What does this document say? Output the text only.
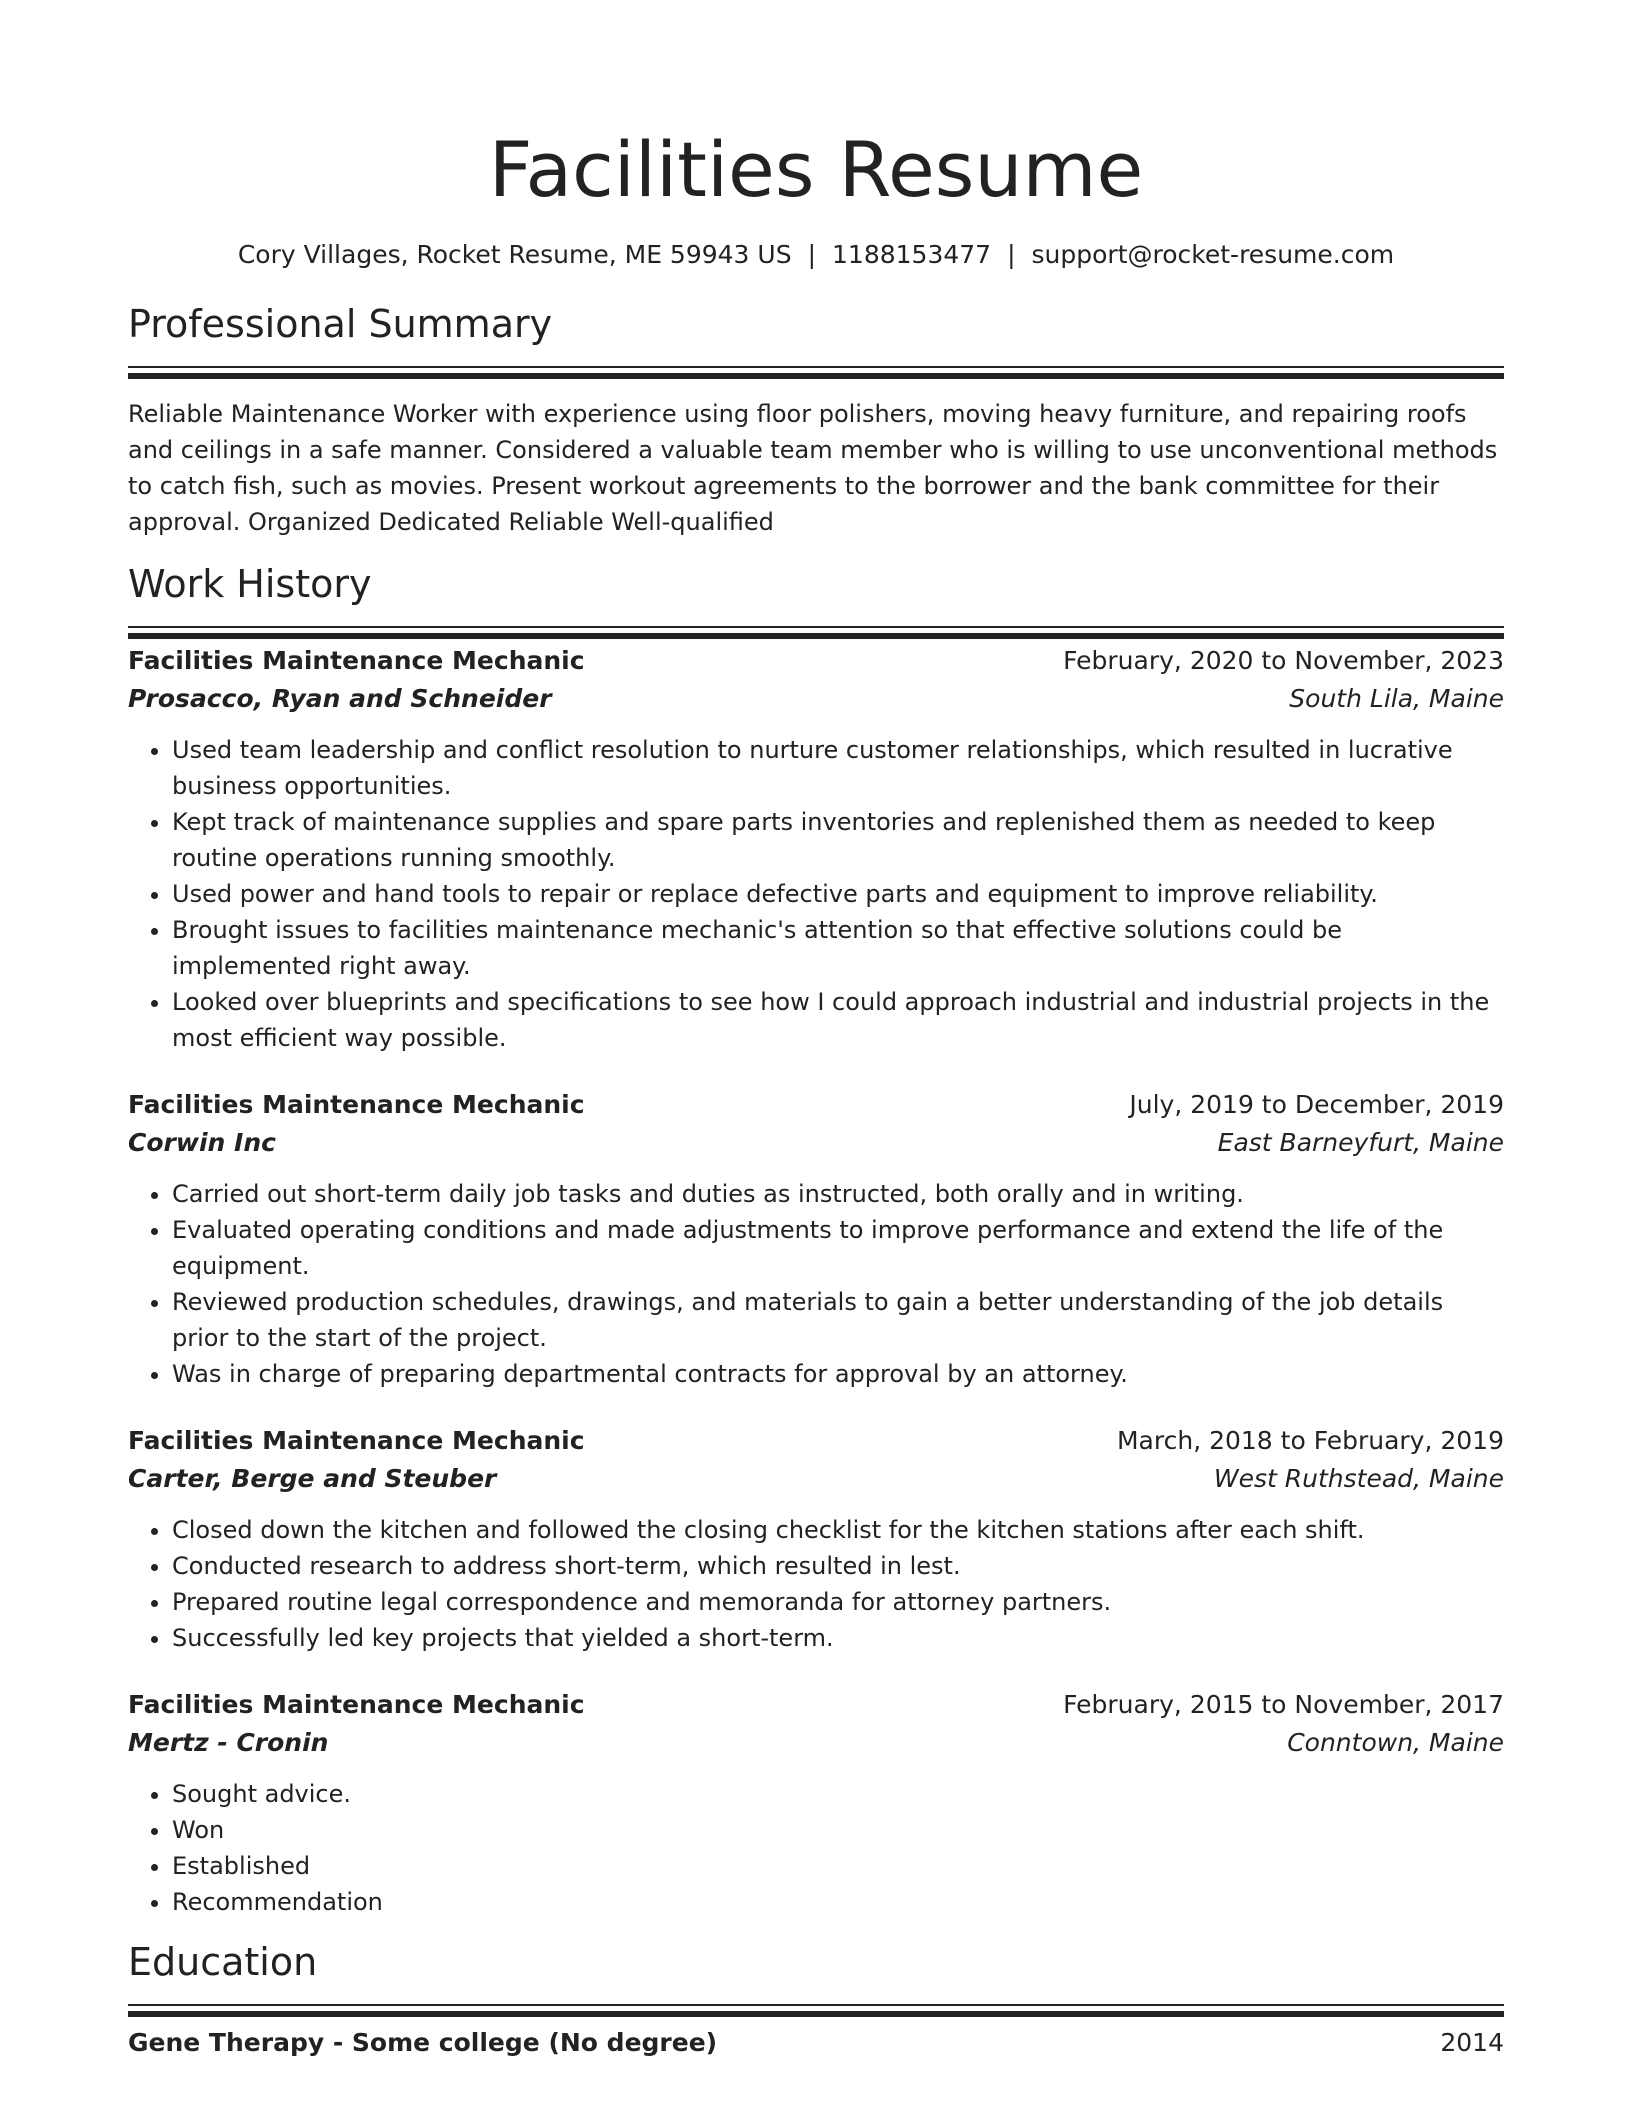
Facilities Resume
Cory Villages, Rocket Resume, ME 59943 US | 1188153477 | support@rocket-resume.com
Professional Summary
Reliable Maintenance Worker with experience using floor polishers, moving heavy furniture, and repairing roofs and ceilings in a safe manner. Considered a valuable team member who is willing to use unconventional methods to catch fish, such as movies. Present workout agreements to the borrower and the bank committee for their approval. Organized Dedicated Reliable Well-qualified
Work History
Facilities Maintenance Mechanic	February, 2020 to November, 2023
Prosacco, Ryan and Schneider	South Lila, Maine
• Used team leadership and conflict resolution to nurture customer relationships, which resulted in lucrative business opportunities.
• Kept track of maintenance supplies and spare parts inventories and replenished them as needed to keep routine operations running smoothly.
• Used power and hand tools to repair or replace defective parts and equipment to improve reliability.
• Brought issues to facilities maintenance mechanic's attention so that effective solutions could be implemented right away.
• Looked over blueprints and specifications to see how I could approach industrial and industrial projects in the most efficient way possible.
Facilities Maintenance Mechanic	July, 2019 to December, 2019
Corwin Inc	East Barneyfurt, Maine
• Carried out short-term daily job tasks and duties as instructed, both orally and in writing.
• Evaluated operating conditions and made adjustments to improve performance and extend the life of the equipment.
• Reviewed production schedules, drawings, and materials to gain a better understanding of the job details prior to the start of the project.
• Was in charge of preparing departmental contracts for approval by an attorney.
Facilities Maintenance Mechanic	March, 2018 to February, 2019
Carter, Berge and Steuber	West Ruthstead, Maine
• Closed down the kitchen and followed the closing checklist for the kitchen stations after each shift.
• Conducted research to address short-term, which resulted in lest.
• Prepared routine legal correspondence and memoranda for attorney partners.
• Successfully led key projects that yielded a short-term.
Facilities Maintenance Mechanic	February, 2015 to November, 2017
Mertz - Cronin	Conntown, Maine
• Sought advice.
• Won
• Established
• Recommendation
Education
Gene Therapy - Some college (No degree)	2014
